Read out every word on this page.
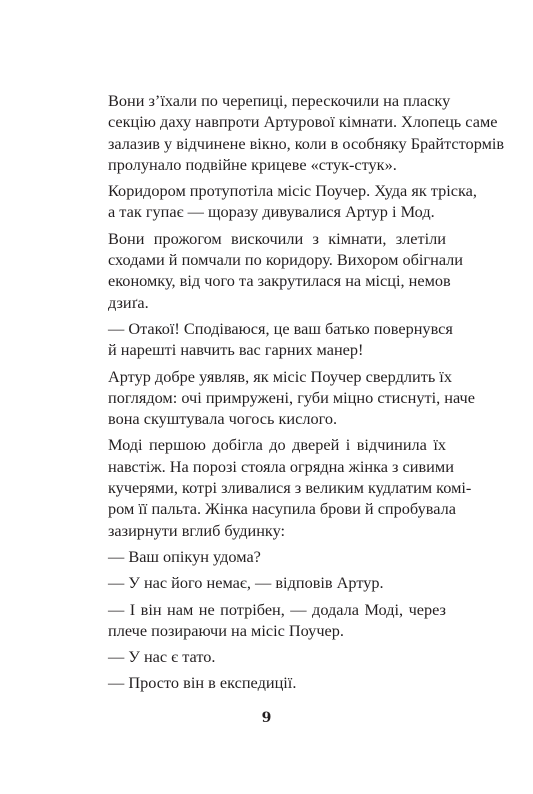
Вони з’їхали по черепиці, перескочили на пласку
секцію даху навпроти Артурової кімнати. Хлопець саме
залазив у відчинене вікно, коли в особняку Брайтстормів
пролунало подвійне крицеве «стук-стук».

Коридором протупотіла місіс Поучер. Худа як тріска,
а так гупає — щоразу дивувалися Артур і Мод.

Вони прожогом вискочили з кімнати, злетіли
сходами й помчали по коридору. Вихором обігнали
економку, від чого та закрутилася на місці, немов
дзиґа.

— Отакої! Сподіваюся, це ваш батько повернувся
й нарешті навчить вас гарних манер!

Артур добре уявляв, як місіс Поучер свердлить їх
поглядом: очі примружені, губи міцно стиснуті, наче
вона скуштувала чогось кислого.

Моді першою добігла до дверей і відчинила їх
навстіж. На порозі стояла огрядна жінка з сивими
кучерями, котрі зливалися з великим кудлатим комі-
ром її пальта. Жінка насупила брови й спробувала
зазирнути вглиб будинку:

— Ваш опікун удома?

— У нас його немає, — відповів Артур.

— І він нам не потрібен, — додала Моді, через
плече позираючи на місіс Поучер.

— У нас є тато.

— Просто він в експедиції.

9
